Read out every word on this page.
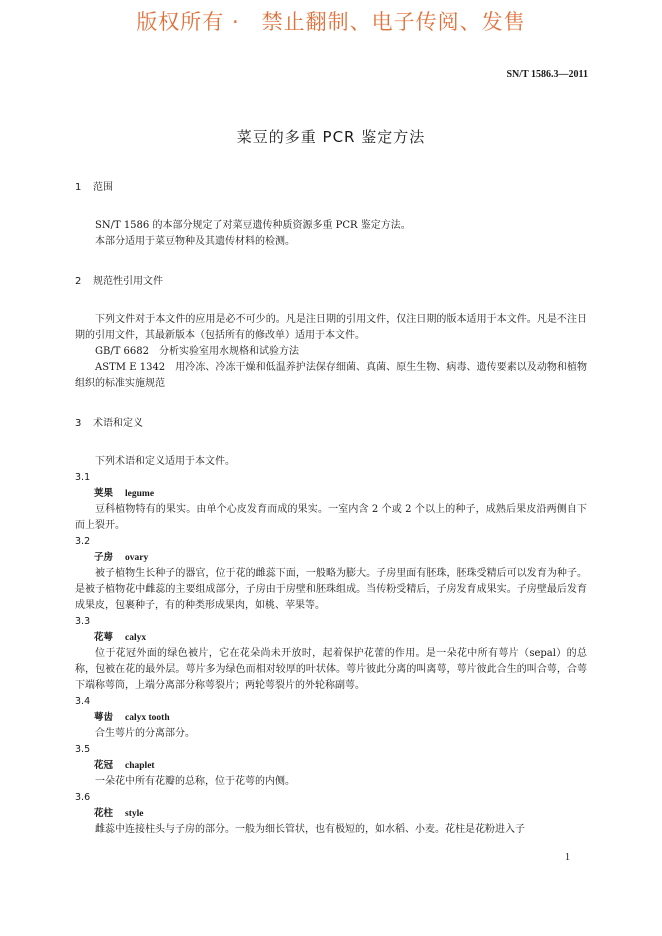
版权所有 ·　禁止翻制、电子传阅、发售
SN/T 1586.3—2011
菜豆的多重 PCR 鉴定方法
1 范围

SN/T 1586 的本部分规定了对菜豆遗传种质资源多重 PCR 鉴定方法。

本部分适用于菜豆物种及其遗传材料的检测。

2 规范性引用文件

下列文件对于本文件的应用是必不可少的。凡是注日期的引用文件，仅注日期的版本适用于本文件。凡是不注日期的引用文件，其最新版本（包括所有的修改单）适用于本文件。

GB/T 6682　分析实验室用水规格和试验方法

ASTM E 1342　用冷冻、冷冻干燥和低温养护法保存细菌、真菌、原生生物、病毒、遗传要素以及动物和植物组织的标准实施规范

3 术语和定义

下列术语和定义适用于本文件。

3.1
荚果 legume

豆科植物特有的果实。由单个心皮发育而成的果实。一室内含 2 个或 2 个以上的种子，成熟后果皮沿两侧自下而上裂开。

3.2
子房 ovary

被子植物生长种子的器官，位于花的雌蕊下面，一般略为膨大。子房里面有胚珠，胚珠受精后可以发育为种子。是被子植物花中雌蕊的主要组成部分，子房由于房壁和胚珠组成。当传粉受精后，子房发育成果实。子房壁最后发育成果皮，包裹种子，有的种类形成果肉，如桃、苹果等。

3.3
花萼 calyx

位于花冠外面的绿色被片，它在花朵尚未开放时，起着保护花蕾的作用。是一朵花中所有萼片（sepal）的总称，包被在花的最外层。萼片多为绿色而相对较厚的叶状体。萼片彼此分离的叫离萼，萼片彼此合生的叫合萼，合萼下端称萼筒，上端分离部分称萼裂片；两轮萼裂片的外轮称副萼。

3.4
萼齿 calyx tooth

合生萼片的分离部分。

3.5
花冠 chaplet

一朵花中所有花瓣的总称，位于花萼的内侧。

3.6
花柱 style

雌蕊中连接柱头与子房的部分。一般为细长管状，也有极短的，如水稻、小麦。花柱是花粉进入子

1
